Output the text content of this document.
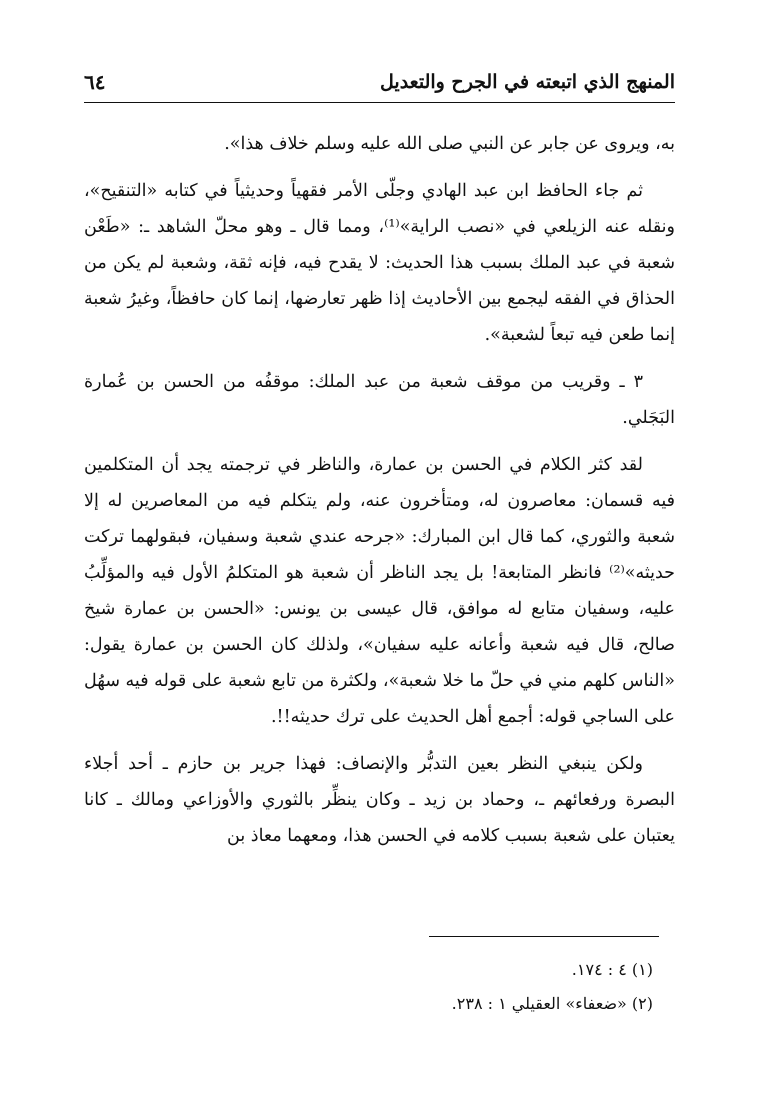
المنهج الذي اتبعته في الجرح والتعديل
٦٤

به، ويروى عن جابر عن النبي صلى الله عليه وسلم خلاف هذا».

ثم جاء الحافظ ابن عبد الهادي وجلّى الأمر فقهياً وحديثياً في كتابه «التنقيح»، ونقله عنه الزيلعي في «نصب الراية»⁽¹⁾، ومما قال ـ وهو محلّ الشاهد ـ: «طَعْن شعبة في عبد الملك بسبب هذا الحديث: لا يقدح فيه، فإنه ثقة، وشعبة لم يكن من الحذاق في الفقه ليجمع بين الأحاديث إذا ظهر تعارضها، إنما كان حافظاً، وغيرُ شعبة إنما طعن فيه تبعاً لشعبة».

٣ ـ وقريب من موقف شعبة من عبد الملك: موقفُه من الحسن بن عُمارة البَجَلي.

لقد كثر الكلام في الحسن بن عمارة، والناظر في ترجمته يجد أن المتكلمين فيه قسمان: معاصرون له، ومتأخرون عنه، ولم يتكلم فيه من المعاصرين له إلا شعبة والثوري، كما قال ابن المبارك: «جرحه عندي شعبة وسفيان، فبقولهما تركت حديثه»⁽²⁾ فانظر المتابعة! بل يجد الناظر أن شعبة هو المتكلمُ الأول فيه والمؤلِّبُ عليه، وسفيان متابع له موافق، قال عيسى بن يونس: «الحسن بن عمارة شيخ صالح، قال فيه شعبة وأعانه عليه سفيان»، ولذلك كان الحسن بن عمارة يقول: «الناس كلهم مني في حلّ ما خلا شعبة»، ولكثرة من تابع شعبة على قوله فيه سهُل على الساجي قوله: أجمع أهل الحديث على ترك حديثه!!.

ولكن ينبغي النظر بعين التدبُّر والإنصاف: فهذا جرير بن حازم ـ أحد أجلاء البصرة ورفعائهم ـ، وحماد بن زيد ـ وكان ينظِّر بالثوري والأوزاعي ومالك ـ كانا يعتبان على شعبة بسبب كلامه في الحسن هذا، ومعهما معاذ بن

(١) ٤ : ١٧٤.

(٢) «ضعفاء» العقيلي ١ : ٢٣٨.
